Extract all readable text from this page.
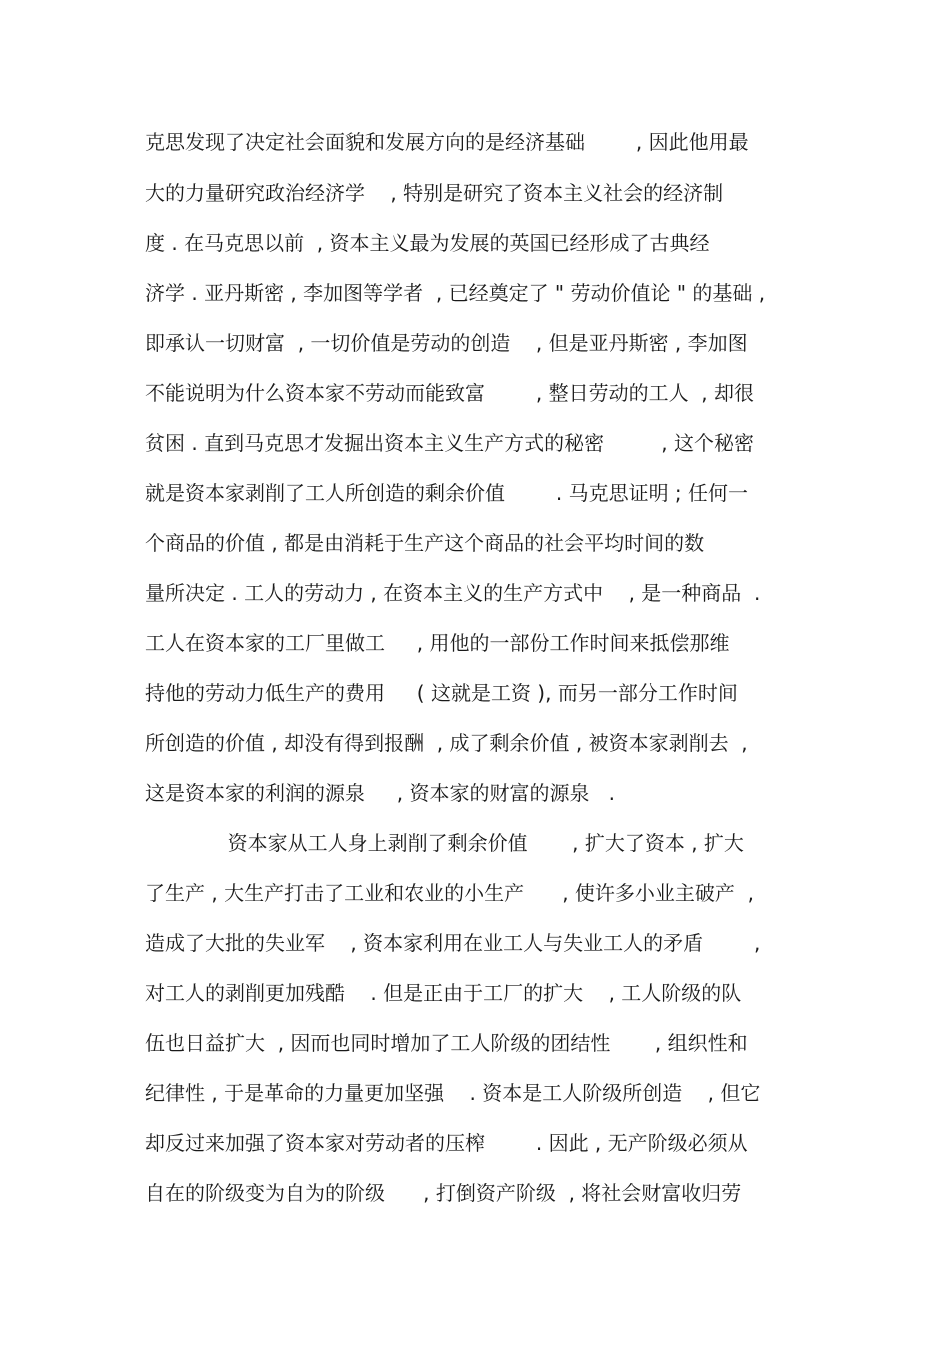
克思发现了决定社会面貌和发展方向的是经济基础        , 因此他用最
大的力量研究政治经济学    , 特别是研究了资本主义社会的经济制
度 . 在马克思以前  , 资本主义最为发展的英国已经形成了古典经
济学 . 亚丹斯密 , 李加图等学者  , 已经奠定了 " 劳动价值论 " 的基础 ,
即承认一切财富  , 一切价值是劳动的创造    , 但是亚丹斯密 , 李加图
不能说明为什么资本家不劳动而能致富        , 整日劳动的工人  , 却很
贫困 . 直到马克思才发掘出资本主义生产方式的秘密         , 这个秘密
就是资本家剥削了工人所创造的剩余价值        . 马克思证明 ; 任何一
个商品的价值 , 都是由消耗于生产这个商品的社会平均时间的数
量所决定 . 工人的劳动力 , 在资本主义的生产方式中    , 是一种商品  .
工人在资本家的工厂里做工     , 用他的一部份工作时间来抵偿那维
持他的劳动力低生产的费用     ( 这就是工资 ), 而另一部分工作时间
所创造的价值 , 却没有得到报酬  , 成了剩余价值 , 被资本家剥削去  ,
这是资本家的利润的源泉     , 资本家的财富的源泉   .
资本家从工人身上剥削了剩余价值       , 扩大了资本 , 扩大
了生产 , 大生产打击了工业和农业的小生产      , 使许多小业主破产  ,
造成了大批的失业军    , 资本家利用在业工人与失业工人的矛盾        ,
对工人的剥削更加残酷    . 但是正由于工厂的扩大    , 工人阶级的队
伍也日益扩大  , 因而也同时增加了工人阶级的团结性       , 组织性和
纪律性 , 于是革命的力量更加坚强    . 资本是工人阶级所创造    , 但它
却反过来加强了资本家对劳动者的压榨        . 因此 , 无产阶级必须从
自在的阶级变为自为的阶级      , 打倒资产阶级  , 将社会财富收归劳
